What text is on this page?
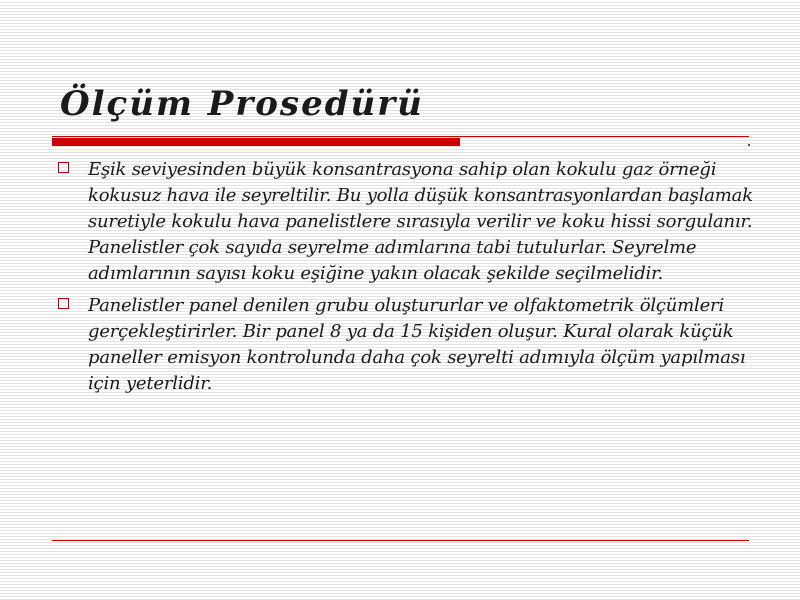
Ölçüm Prosedürü
Eşik seviyesinden büyük konsantrasyona sahip olan kokulu gaz örneği kokusuz hava ile seyreltilir. Bu yolla düşük konsantrasyonlardan başlamak suretiyle kokulu hava panelistlere sırasıyla verilir ve koku hissi sorgulanır. Panelistler çok sayıda seyrelme adımlarına tabi tutulurlar. Seyrelme adımlarının sayısı koku eşiğine yakın olacak şekilde seçilmelidir.
Panelistler panel denilen grubu oluştururlar ve olfaktometrik ölçümleri gerçekleştirirler. Bir panel 8 ya da 15 kişiden oluşur. Kural olarak küçük paneller emisyon kontrolunda daha çok seyrelti adımıyla ölçüm yapılması için yeterlidir.
